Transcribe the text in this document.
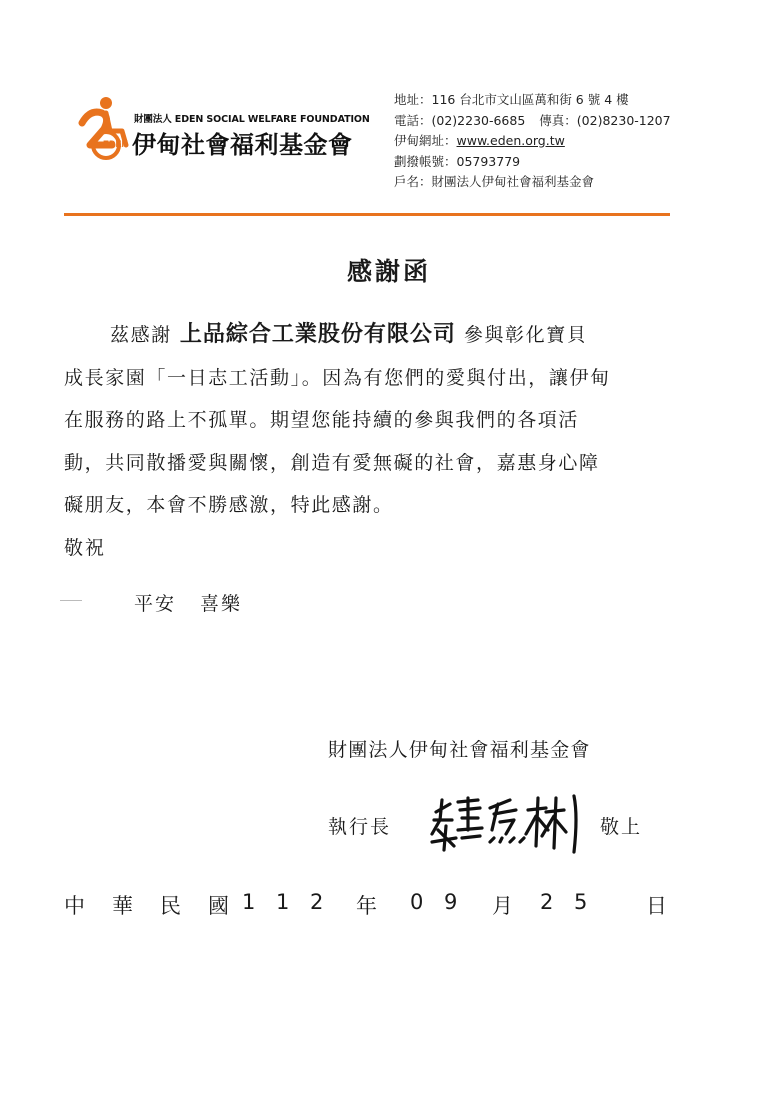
EDEN
財團法人 EDEN SOCIAL WELFARE FOUNDATION
伊甸社會福利基金會
地址：116 台北市文山區萬和街 6 號 4 樓
電話：(02)2230-6685 傳真：(02)8230-1207
伊甸網址：www.eden.org.tw
劃撥帳號：05793779
戶名：財團法人伊甸社會福利基金會
感謝函
茲感謝 上品綜合工業股份有限公司 參與彰化寶貝
成長家園「一日志工活動」。因為有您們的愛與付出，讓伊甸
在服務的路上不孤單。期望您能持續的參與我們的各項活
動，共同散播愛與關懷，創造有愛無礙的社會，嘉惠身心障
礙朋友，本會不勝感激，特此感謝。
敬祝
平安 喜樂
財團法人伊甸社會福利基金會
執行長	敬上
中 華 民 國 1 1 2 年 0 9 月 2 5	日
